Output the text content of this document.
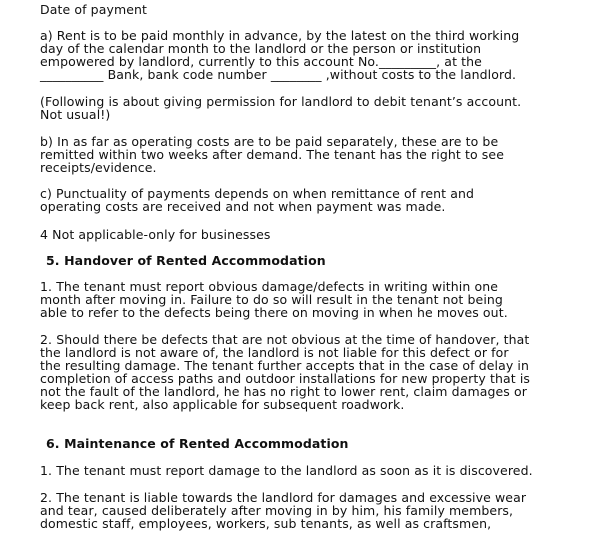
Date of payment
a) Rent is to be paid monthly in advance, by the latest on the third working
day of the calendar month to the landlord or the person or institution
empowered by landlord, currently to this account No._________, at the
__________ Bank, bank code number ________ ,without costs to the landlord.
(Following is about giving permission for landlord to debit tenant’s account.
Not usual!)
b) In as far as operating costs are to be paid separately, these are to be
remitted within two weeks after demand. The tenant has the right to see
receipts/evidence.
c) Punctuality of payments depends on when remittance of rent and
operating costs are received and not when payment was made.
4 Not applicable-only for businesses
5. Handover of Rented Accommodation
1. The tenant must report obvious damage/defects in writing within one
month after moving in. Failure to do so will result in the tenant not being
able to refer to the defects being there on moving in when he moves out.
2. Should there be defects that are not obvious at the time of handover, that
the landlord is not aware of, the landlord is not liable for this defect or for
the resulting damage. The tenant further accepts that in the case of delay in
completion of access paths and outdoor installations for new property that is
not the fault of the landlord, he has no right to lower rent, claim damages or
keep back rent, also applicable for subsequent roadwork.
6. Maintenance of Rented Accommodation
1. The tenant must report damage to the landlord as soon as it is discovered.
2. The tenant is liable towards the landlord for damages and excessive wear
and tear, caused deliberately after moving in by him, his family members,
domestic staff, employees, workers, sub tenants, as well as craftsmen,
